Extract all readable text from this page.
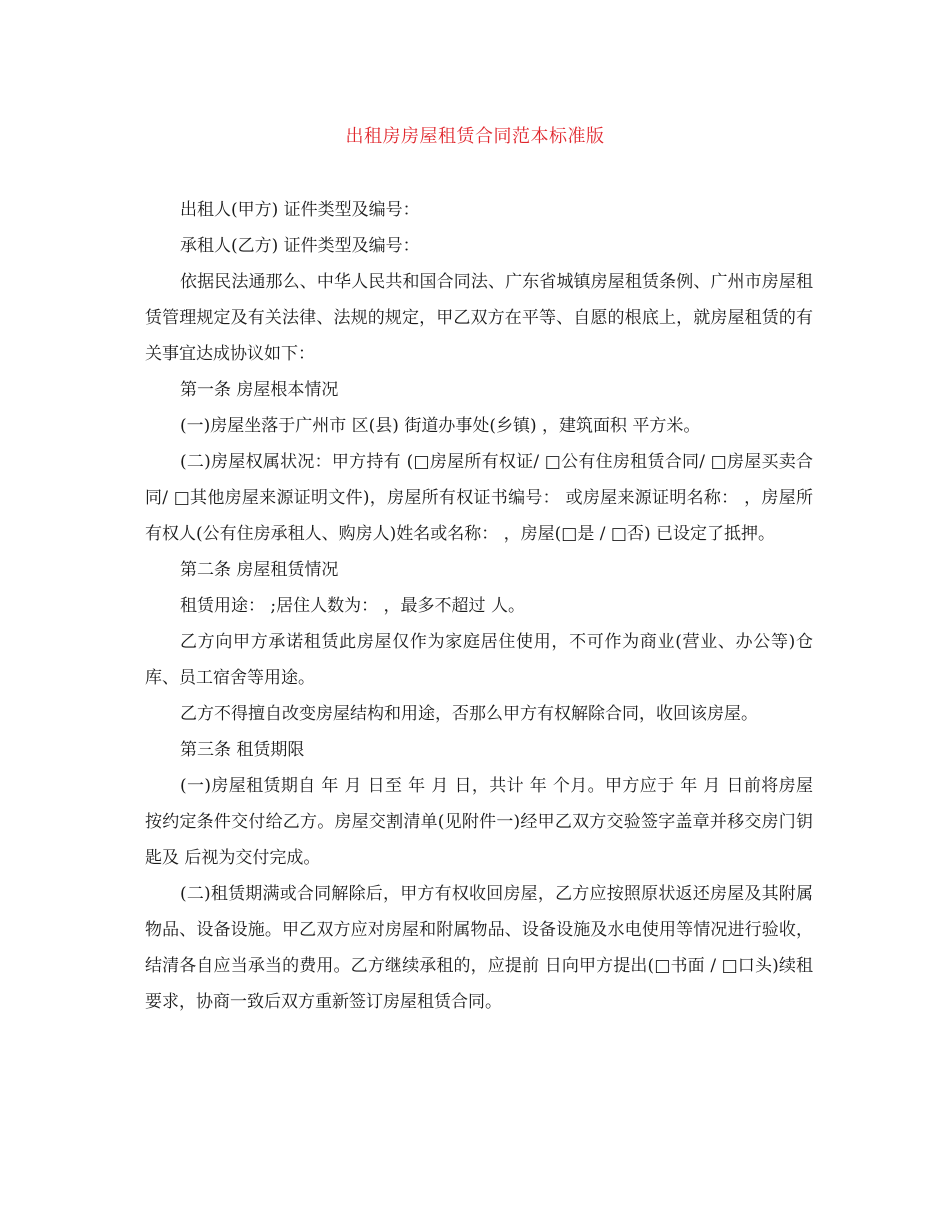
出租房房屋租赁合同范本标准版

出租人(甲方) 证件类型及编号：

承租人(乙方) 证件类型及编号：

依据民法通那么、中华人民共和国合同法、广东省城镇房屋租赁条例、广州市房屋租赁管理规定及有关法律、法规的规定，甲乙双方在平等、自愿的根底上，就房屋租赁的有关事宜达成协议如下：

第一条 房屋根本情况

(一)房屋坐落于广州市 区(县) 街道办事处(乡镇) ，建筑面积 平方米。

(二)房屋权属状况：甲方持有 (□房屋所有权证/ □公有住房租赁合同/ □房屋买卖合同/ □其他房屋来源证明文件)，房屋所有权证书编号： 或房屋来源证明名称： ，房屋所有权人(公有住房承租人、购房人)姓名或名称： ，房屋(□是 / □否) 已设定了抵押。

第二条 房屋租赁情况

租赁用途： ;居住人数为： ，最多不超过 人。

乙方向甲方承诺租赁此房屋仅作为家庭居住使用，不可作为商业(营业、办公等)仓库、员工宿舍等用途。

乙方不得擅自改变房屋结构和用途，否那么甲方有权解除合同，收回该房屋。

第三条 租赁期限

(一)房屋租赁期自 年 月 日至 年 月 日，共计 年 个月。甲方应于 年 月 日前将房屋按约定条件交付给乙方。房屋交割清单(见附件一)经甲乙双方交验签字盖章并移交房门钥匙及 后视为交付完成。

(二)租赁期满或合同解除后，甲方有权收回房屋，乙方应按照原状返还房屋及其附属物品、设备设施。甲乙双方应对房屋和附属物品、设备设施及水电使用等情况进行验收，结清各自应当承当的费用。乙方继续承租的，应提前 日向甲方提出(□书面 / □口头)续租要求，协商一致后双方重新签订房屋租赁合同。
